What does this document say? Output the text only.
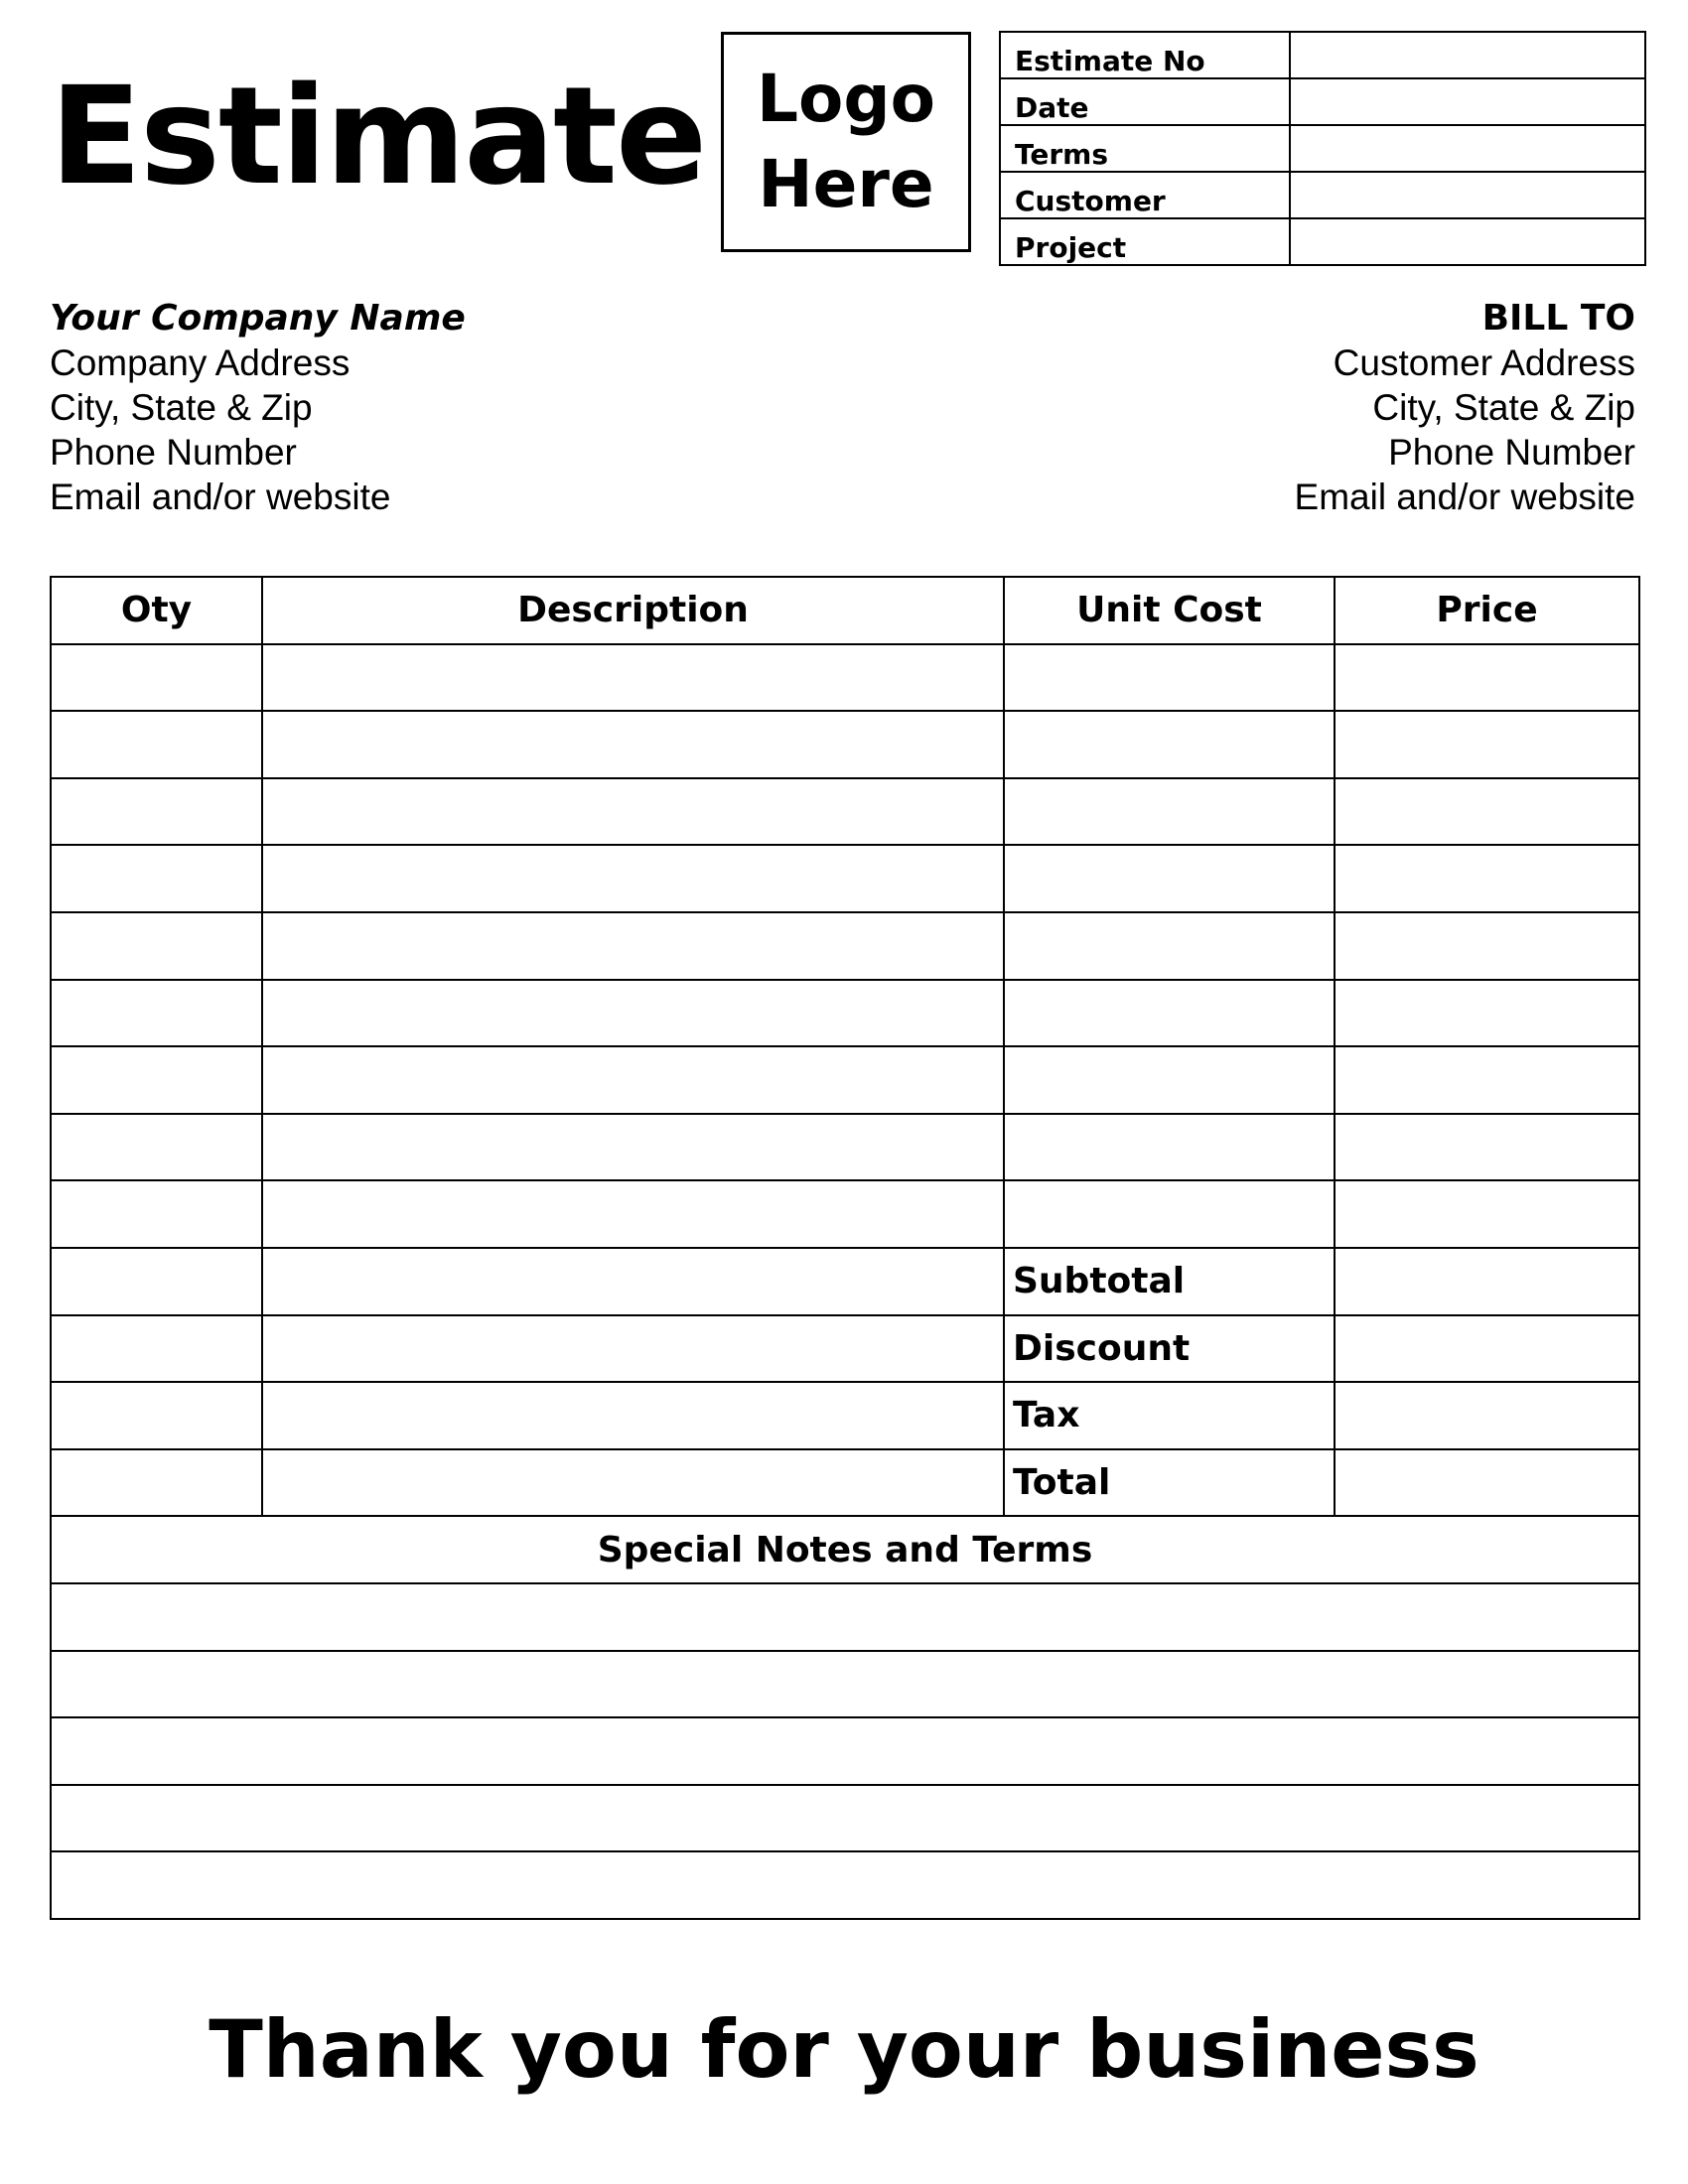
Estimate Logo
Here
Estimate No	
Date	
Terms	
Customer	
Project	
Your Company Name
Company Address
City, State & Zip
Phone Number
Email and/or website
BILL TO
Customer Address
City, State & Zip
Phone Number
Email and/or website
Oty	Description	Unit Cost	Price

		Subtotal	
		Discount	
		Tax	
		Total	
Special Notes and Terms			

Thank you for your business
